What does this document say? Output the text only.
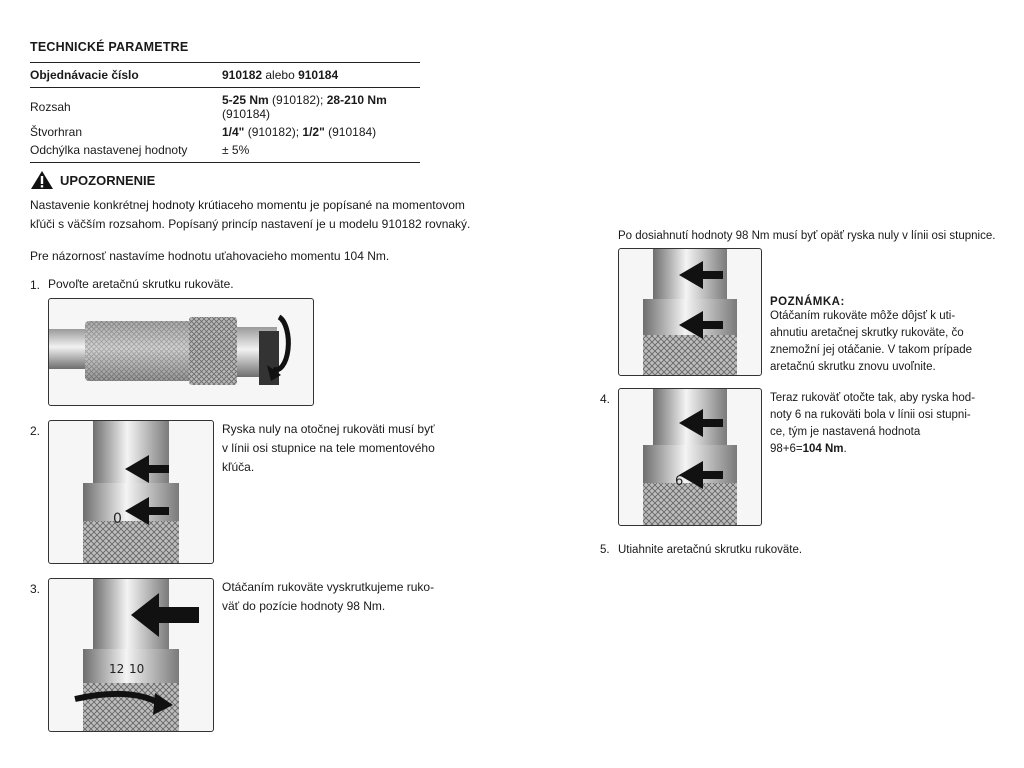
TECHNICKÉ PARAMETRE
Objednávacie číslo	910182 alebo 910184
Rozsah	5-25 Nm (910182); 28-210 Nm (910184)
Štvorhran	1/4" (910182); 1/2" (910184)
Odchýlka nastavenej hodnoty	± 5%
UPOZORNENIE
Nastavenie konkrétnej hodnoty krútiaceho momentu je popísané na momentovom
kľúči s väčším rozsahom. Popísaný princíp nastavení je u modelu 910182 rovnaký.
Pre názornosť nastavíme hodnotu uťahovacieho momentu 104 Nm.
1. Povoľte aretačnú skrutku rukoväte.
2.
0
Ryska nuly na otočnej rukoväti musí byť
v línii osi stupnice na tele momentového
kľúča.
3.
12 10
Otáčaním rukoväte vyskrutkujeme ruko-
väť do pozície hodnoty 98 Nm.
Po dosiahnutí hodnoty 98 Nm musí byť opäť ryska nuly v línii osi stupnice.
POZNÁMKA:
Otáčaním rukoväte môže dôjsť k uti-
ahnutiu aretačnej skrutky rukoväte, čo
znemožní jej otáčanie. V takom prípade
aretačnú skrutku znovu uvoľnite.
4.
6
Teraz rukoväť otočte tak, aby ryska hod-
noty 6 na rukoväti bola v línii osi stupni-
ce, tým je nastavená hodnota
98+6=104 Nm.
5. Utiahnite aretačnú skrutku rukoväte.
